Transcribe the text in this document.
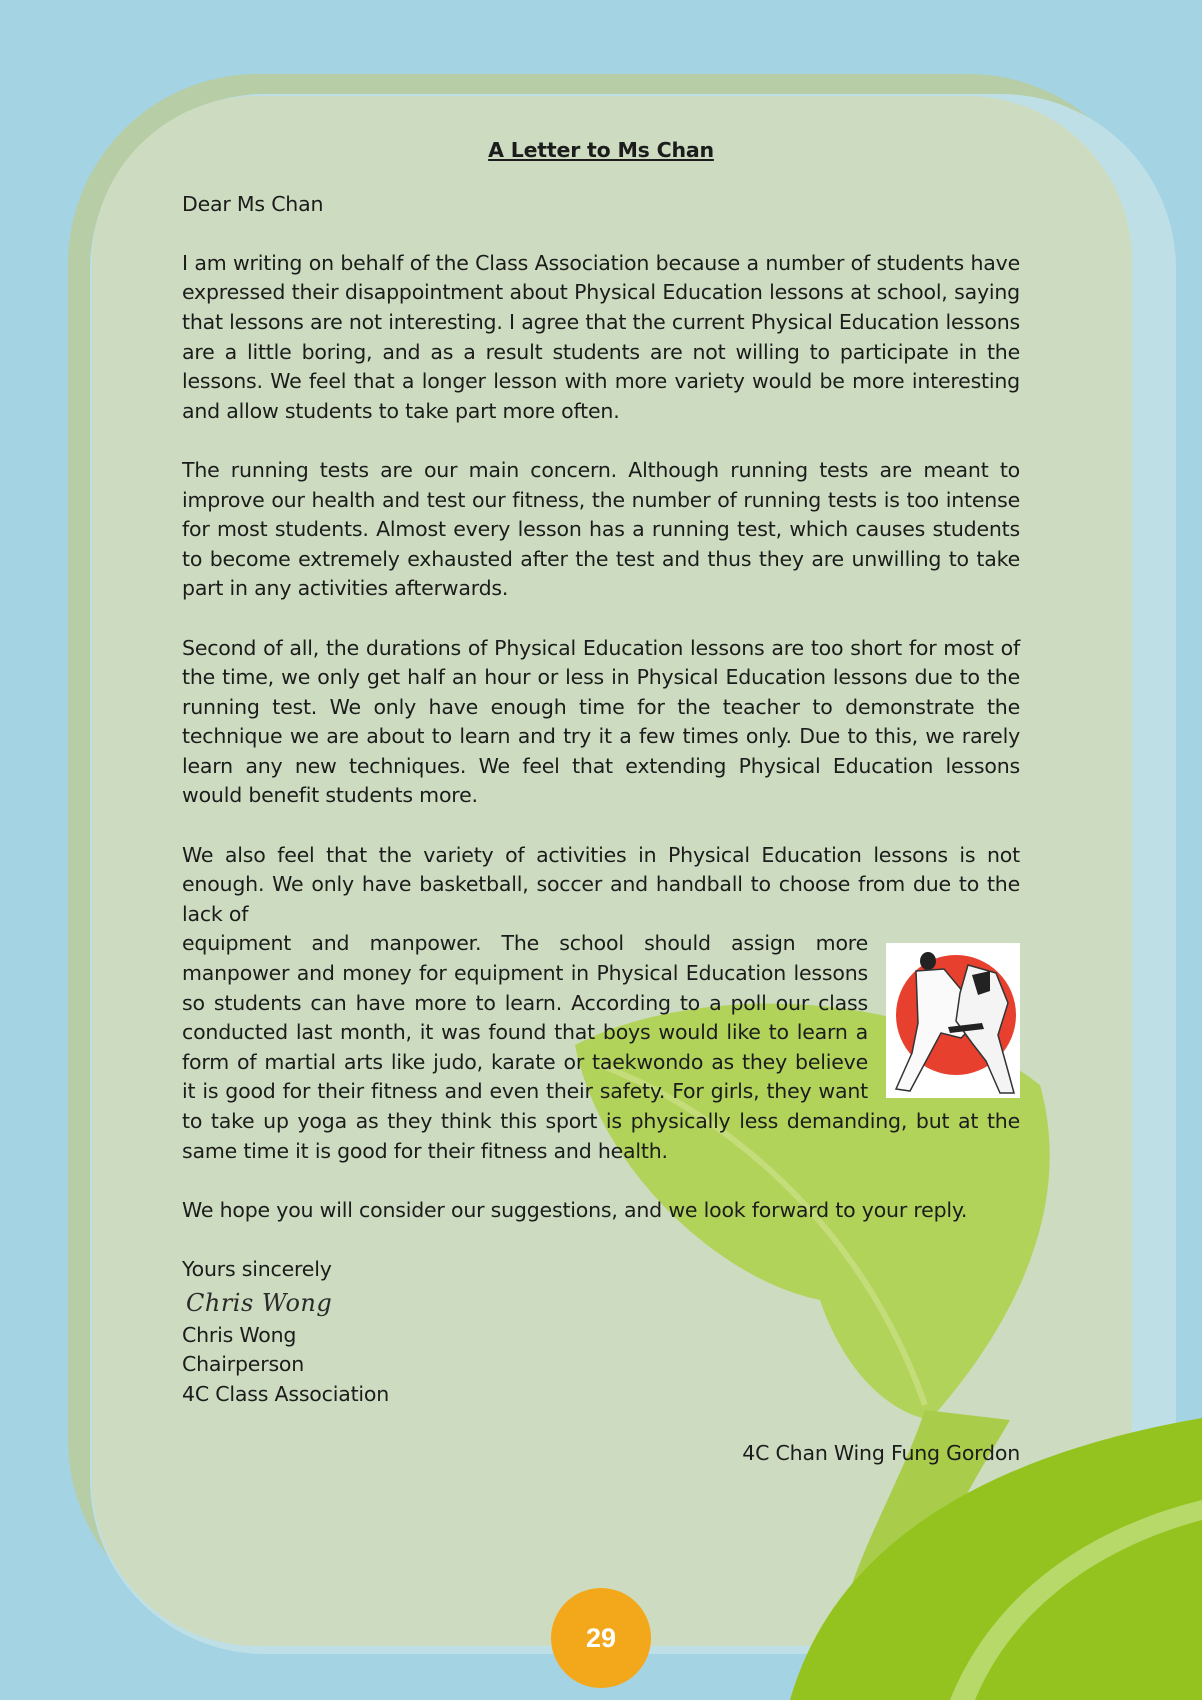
A Letter to Ms Chan

Dear Ms Chan

I am writing on behalf of the Class Association because a number of students have expressed their disappointment about Physical Education lessons at school, saying that lessons are not interesting. I agree that the current Physical Education lessons are a little boring, and as a result students are not willing to participate in the lessons. We feel that a longer lesson with more variety would be more interesting and allow students to take part more often.

The running tests are our main concern. Although running tests are meant to improve our health and test our fitness, the number of running tests is too intense for most students. Almost every lesson has a running test, which causes students to become extremely exhausted after the test and thus they are unwilling to take part in any activities afterwards.

Second of all, the durations of Physical Education lessons are too short for most of the time, we only get half an hour or less in Physical Education lessons due to the running test. We only have enough time for the teacher to demonstrate the technique we are about to learn and try it a few times only. Due to this, we rarely learn any new techniques. We feel that extending Physical Education lessons would benefit students more.

We also feel that the variety of activities in Physical Education lessons is not enough. We only have basketball, soccer and handball to choose from due to the lack of

equipment and manpower. The school should assign more manpower and money for equipment in Physical Education lessons so students can have more to learn. According to a poll our class conducted last month, it was found that boys would like to learn a form of martial arts like judo, karate or taekwondo as they believe it is good for their fitness and even their safety. For girls, they want to take up yoga as they think this sport is physically less demanding, but at the same time it is good for their fitness and health.

We hope you will consider our suggestions, and we look forward to your reply.

Yours sincerely

Chris Wong

Chris Wong

Chairperson

4C Class Association

4C Chan Wing Fung Gordon

29
